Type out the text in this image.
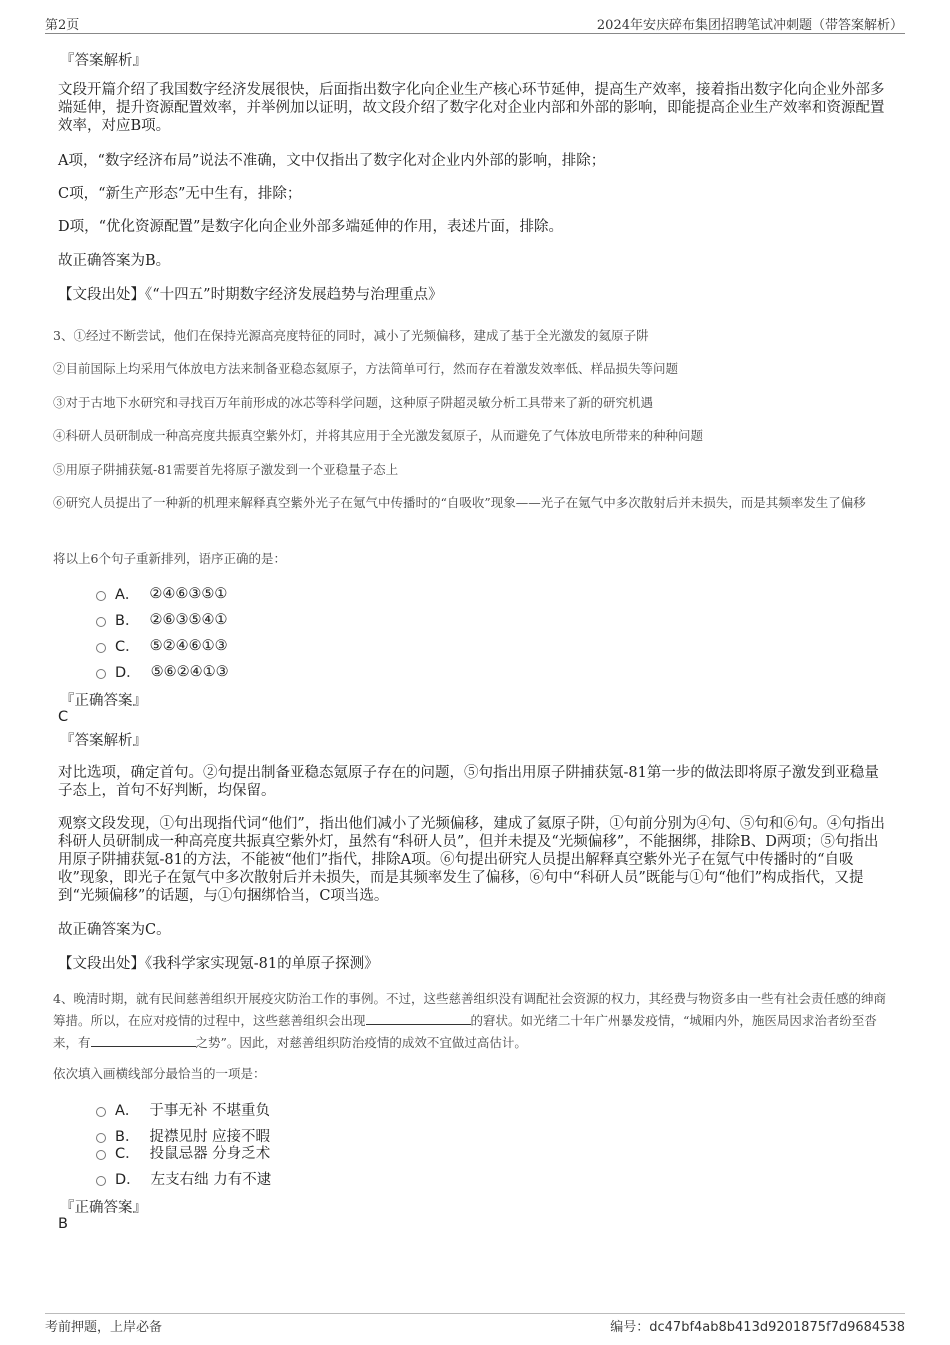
第2页	2024年安庆碎布集团招聘笔试冲刺题（带答案解析）
『答案解析』
文段开篇介绍了我国数字经济发展很快，后面指出数字化向企业生产核心环节延伸，提高生产效率，接着指出数字化向企业外部多端延伸，提升资源配置效率，并举例加以证明，故文段介绍了数字化对企业内部和外部的影响，即能提高企业生产效率和资源配置效率，对应B项。
A项，“数字经济布局”说法不准确，文中仅指出了数字化对企业内外部的影响，排除；
C项，“新生产形态”无中生有，排除；
D项，“优化资源配置”是数字化向企业外部多端延伸的作用，表述片面，排除。
故正确答案为B。
【文段出处】《“十四五”时期数字经济发展趋势与治理重点》
3、①经过不断尝试，他们在保持光源高亮度特征的同时，减小了光频偏移，建成了基于全光激发的氦原子阱
②目前国际上均采用气体放电方法来制备亚稳态氦原子，方法简单可行，然而存在着激发效率低、样品损失等问题
③对于古地下水研究和寻找百万年前形成的冰芯等科学问题，这种原子阱超灵敏分析工具带来了新的研究机遇
④科研人员研制成一种高亮度共振真空紫外灯，并将其应用于全光激发氦原子，从而避免了气体放电所带来的种种问题
⑤用原子阱捕获氪-81需要首先将原子激发到一个亚稳量子态上
⑥研究人员提出了一种新的机理来解释真空紫外光子在氪气中传播时的“自吸收”现象——光子在氪气中多次散射后并未损失，而是其频率发生了偏移
将以上6个句子重新排列，语序正确的是：
A． ②④⑥③⑤①
B． ②⑥③⑤④①
C． ⑤②④⑥①③
D． ⑤⑥②④①③
『正确答案』
C
『答案解析』
对比选项，确定首句。②句提出制备亚稳态氪原子存在的问题，⑤句指出用原子阱捕获氪-81第一步的做法即将原子激发到亚稳量子态上，首句不好判断，均保留。
观察文段发现，①句出现指代词“他们”，指出他们减小了光频偏移，建成了氦原子阱，①句前分别为④句、⑤句和⑥句。④句指出科研人员研制成一种高亮度共振真空紫外灯，虽然有“科研人员”，但并未提及“光频偏移”，不能捆绑，排除B、D两项；⑤句指出用原子阱捕获氪-81的方法，不能被“他们”指代，排除A项。⑥句提出研究人员提出解释真空紫外光子在氪气中传播时的“自吸收”现象，即光子在氪气中多次散射后并未损失，而是其频率发生了偏移，⑥句中“科研人员”既能与①句“他们”构成指代，又提到“光频偏移”的话题，与①句捆绑恰当，C项当选。
故正确答案为C。
【文段出处】《我科学家实现氪-81的单原子探测》
4、晚清时期，就有民间慈善组织开展疫灾防治工作的事例。不过，这些慈善组织没有调配社会资源的权力，其经费与物资多由一些有社会责任感的绅商筹措。所以，在应对疫情的过程中，这些慈善组织会出现	的窘状。如光绪二十年广州暴发疫情，“城厢内外，施医局因求治者纷至沓来，有	之势”。因此，对慈善组织防治疫情的成效不宜做过高估计。
依次填入画横线部分最恰当的一项是：
A． 于事无补 不堪重负
B． 捉襟见肘 应接不暇
C． 投鼠忌器 分身乏术
D． 左支右绌 力有不逮
『正确答案』
B
考前押题，上岸必备	编号：dc47bf4ab8b413d9201875f7d9684538
